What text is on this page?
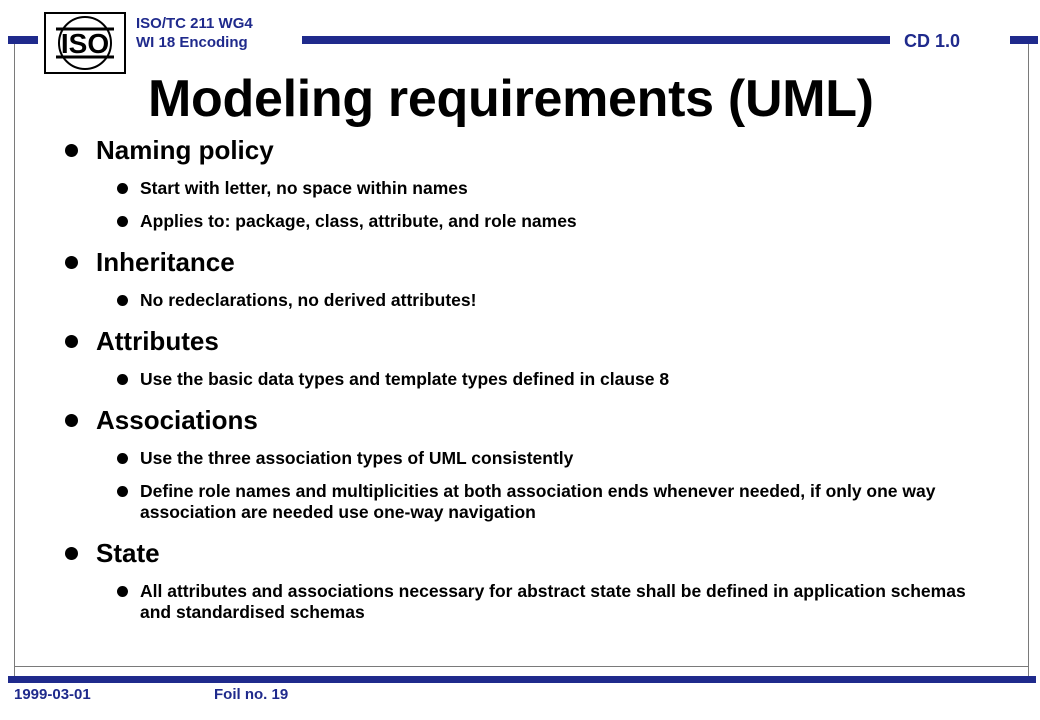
ISO
ISO/TC 211 WG4
WI 18 Encoding	CD 1.0
Modeling requirements (UML)
Naming policy
Start with letter, no space within names
Applies to: package, class, attribute, and role names
Inheritance
No redeclarations, no derived attributes!
Attributes
Use the basic data types and template types defined in clause 8
Associations
Use the three association types of UML consistently
Define role names and multiplicities at both association ends whenever needed, if only one way association are needed use one-way navigation
State
All attributes and associations necessary for abstract state shall be defined in application schemas and standardised schemas
1999-03-01	Foil no. 19
